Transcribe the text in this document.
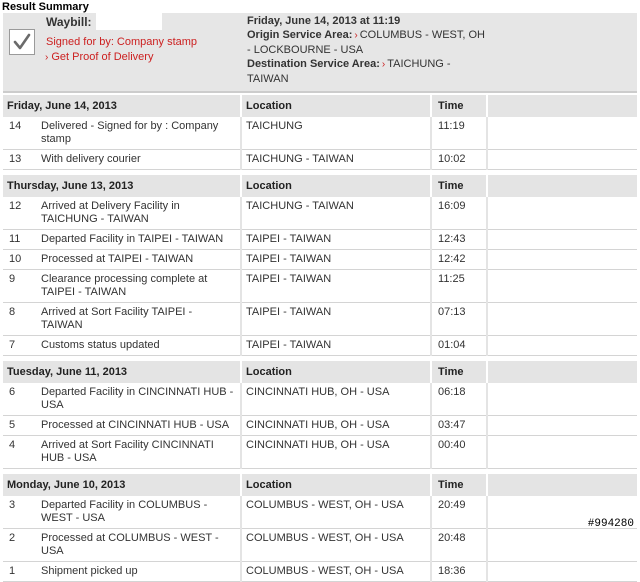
Result Summary
Waybill:
Signed for by: Company stamp
› Get Proof of Delivery
Friday, June 14, 2013 at 11:19
Origin Service Area: › COLUMBUS - WEST, OH - LOCKBOURNE - USA
Destination Service Area: › TAICHUNG - TAIWAN
Friday, June 14, 2013		Location	Time	
14	Delivered - Signed for by : Company stamp	TAICHUNG	11:19	
13	With delivery courier	TAICHUNG - TAIWAN	10:02	

Thursday, June 13, 2013		Location	Time	
12	Arrived at Delivery Facility in TAICHUNG - TAIWAN	TAICHUNG - TAIWAN	16:09	
11	Departed Facility in TAIPEI - TAIWAN	TAIPEI - TAIWAN	12:43	
10	Processed at TAIPEI - TAIWAN	TAIPEI - TAIWAN	12:42	
9	Clearance processing complete at TAIPEI - TAIWAN	TAIPEI - TAIWAN	11:25	
8	Arrived at Sort Facility TAIPEI - TAIWAN	TAIPEI - TAIWAN	07:13	
7	Customs status updated	TAIPEI - TAIWAN	01:04	

Tuesday, June 11, 2013		Location	Time	
6	Departed Facility in CINCINNATI HUB - USA	CINCINNATI HUB, OH - USA	06:18	
5	Processed at CINCINNATI HUB - USA	CINCINNATI HUB, OH - USA	03:47	
4	Arrived at Sort Facility CINCINNATI HUB - USA	CINCINNATI HUB, OH - USA	00:40	

Monday, June 10, 2013		Location	Time	
3	Departed Facility in COLUMBUS - WEST - USA	COLUMBUS - WEST, OH - USA	20:49	
2	Processed at COLUMBUS - WEST - USA	COLUMBUS - WEST, OH - USA	20:48	
1	Shipment picked up	COLUMBUS - WEST, OH - USA	18:36	
#994280
